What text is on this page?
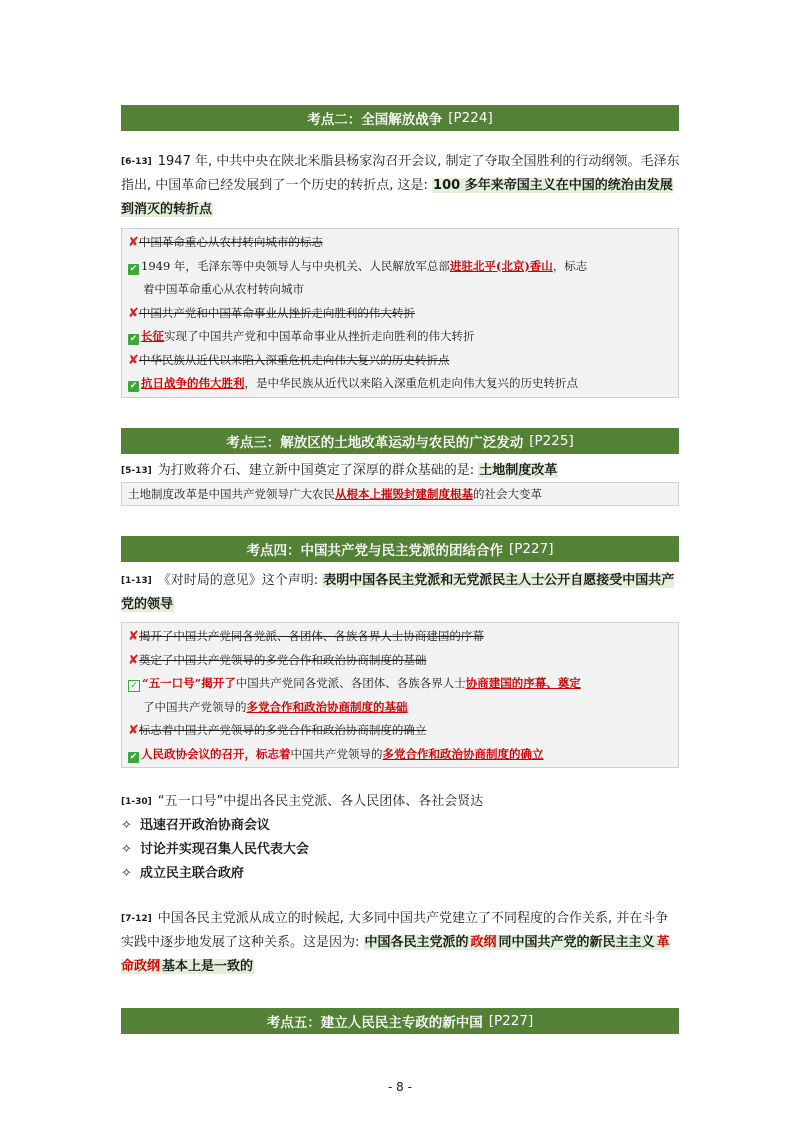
考点二：全国解放战争 [P224]
[6-13] 1947 年, 中共中央在陕北米脂县杨家沟召开会议, 制定了夺取全国胜利的行动纲领。毛泽东指出, 中国革命已经发展到了一个历史的转折点, 这是: 100 多年来帝国主义在中国的统治由发展到消灭的转折点
✘中国革命重心从农村转向城市的标志
✔ 1949 年，毛泽东等中央领导人与中央机关、人民解放军总部进驻北平(北京)香山，标志
着中国革命重心从农村转向城市
✘中国共产党和中国革命事业从挫折走向胜利的伟大转折
✔ 长征实现了中国共产党和中国革命事业从挫折走向胜利的伟大转折
✘中华民族从近代以来陷入深重危机走向伟大复兴的历史转折点
✔ 抗日战争的伟大胜利，是中华民族从近代以来陷入深重危机走向伟大复兴的历史转折点
考点三：解放区的土地改革运动与农民的广泛发动 [P225]
[5-13] 为打败蒋介石、建立新中国奠定了深厚的群众基础的是: 土地制度改革
土地制度改革是中国共产党领导广大农民从根本上摧毁封建制度根基的社会大变革
考点四：中国共产党与民主党派的团结合作 [P227]
[1-13] 《对时局的意见》这个声明: 表明中国各民主党派和无党派民主人士公开自愿接受中国共产党的领导
✘揭开了中国共产党同各党派、各团体、各族各界人士协商建国的序幕
✘奠定了中国共产党领导的多党合作和政治协商制度的基础
✓ “五一口号”揭开了中国共产党同各党派、各团体、各族各界人士协商建国的序幕、奠定
了中国共产党领导的多党合作和政治协商制度的基础
✘标志着中国共产党领导的多党合作和政治协商制度的确立
✔ 人民政协会议的召开，标志着中国共产党领导的多党合作和政治协商制度的确立
[1-30] “五一口号”中提出各民主党派、各人民团体、各社会贤达
✧ 迅速召开政治协商会议
✧ 讨论并实现召集人民代表大会
✧ 成立民主联合政府
[7-12] 中国各民主党派从成立的时候起, 大多同中国共产党建立了不同程度的合作关系, 并在斗争实践中逐步地发展了这种关系。这是因为: 中国各民主党派的 政纲 同中国共产党的新民主主义 革命政纲 基本上是一致的
考点五：建立人民民主专政的新中国 [P227]
- 8 -
